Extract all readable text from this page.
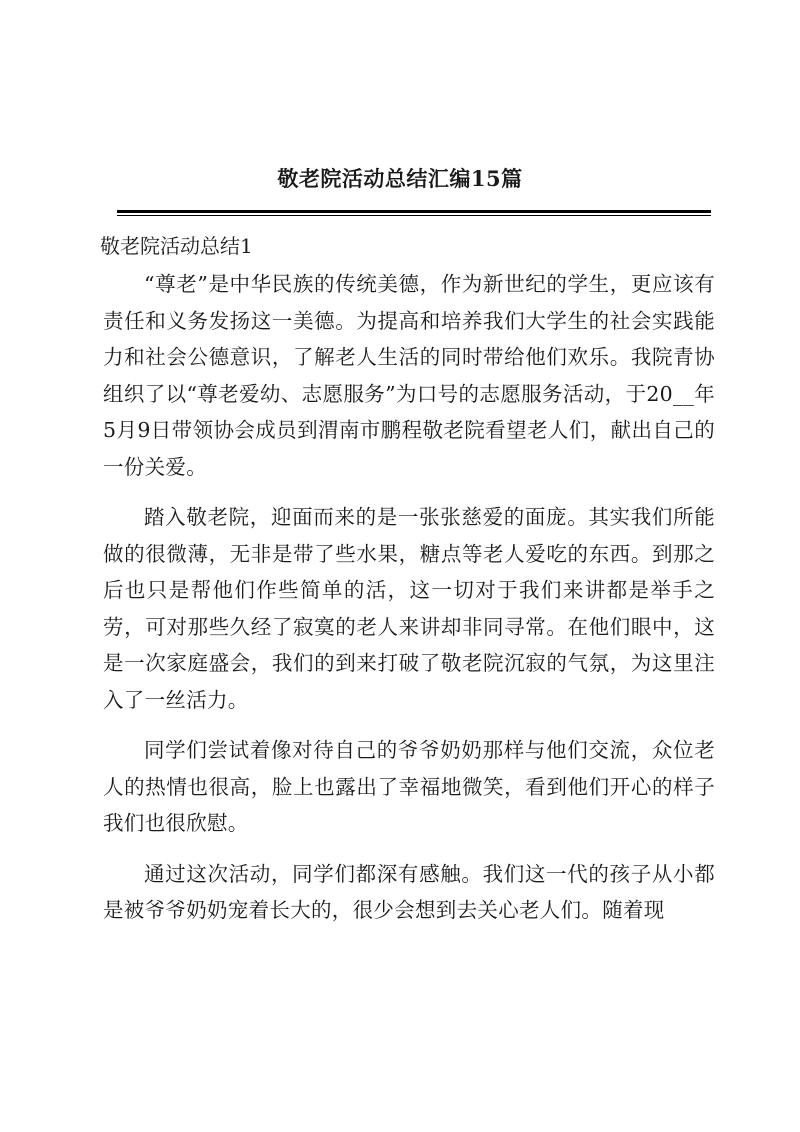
敬老院活动总结汇编15篇
敬老院活动总结1

“尊老”是中华民族的传统美德，作为新世纪的学生，更应该有责任和义务发扬这一美德。为提高和培养我们大学生的社会实践能力和社会公德意识，了解老人生活的同时带给他们欢乐。我院青协组织了以“尊老爱幼、志愿服务”为口号的志愿服务活动，于20__年5月9日带领协会成员到渭南市鹏程敬老院看望老人们，献出自己的一份关爱。

踏入敬老院，迎面而来的是一张张慈爱的面庞。其实我们所能做的很微薄，无非是带了些水果，糖点等老人爱吃的东西。到那之后也只是帮他们作些简单的活，这一切对于我们来讲都是举手之劳，可对那些久经了寂寞的老人来讲却非同寻常。在他们眼中，这是一次家庭盛会，我们的到来打破了敬老院沉寂的气氛，为这里注入了一丝活力。

同学们尝试着像对待自己的爷爷奶奶那样与他们交流，众位老人的热情也很高，脸上也露出了幸福地微笑，看到他们开心的样子我们也很欣慰。

通过这次活动，同学们都深有感触。我们这一代的孩子从小都是被爷爷奶奶宠着长大的，很少会想到去关心老人们。随着现
